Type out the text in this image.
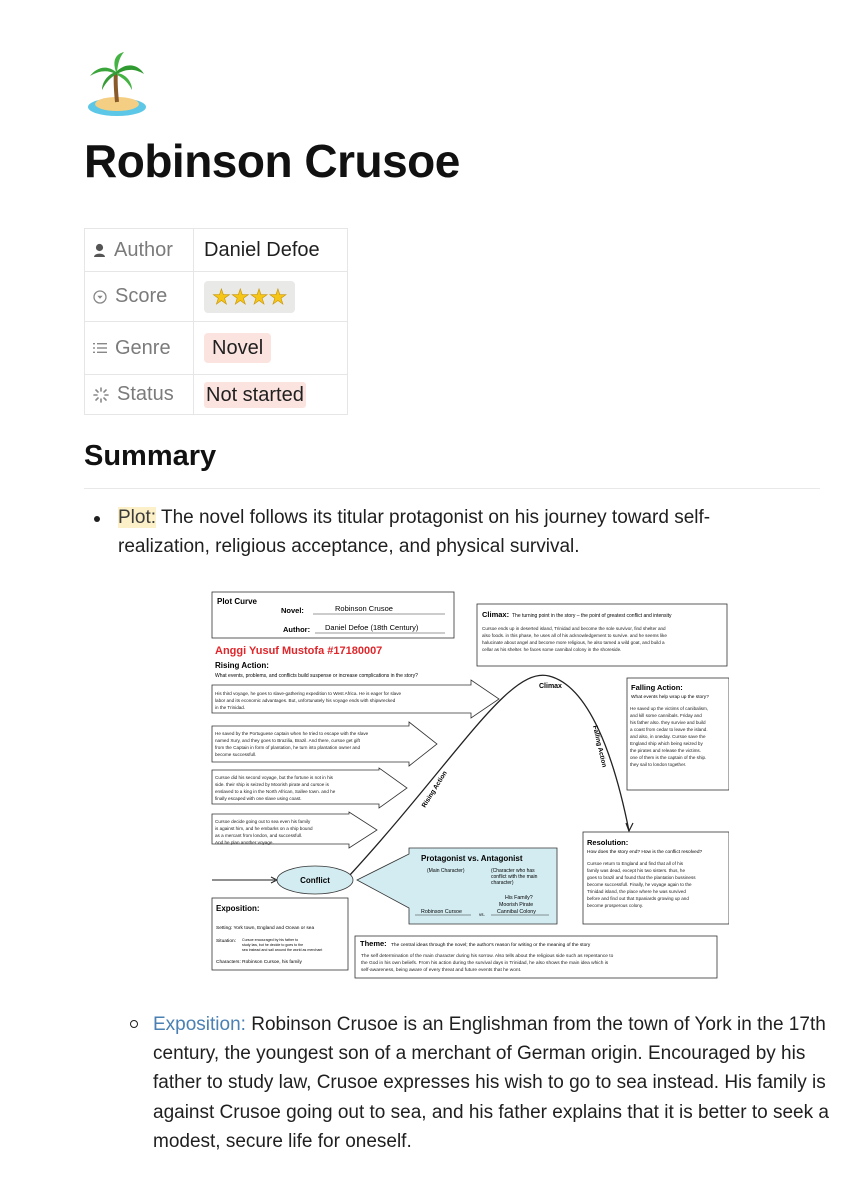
Robinson Crusoe
Author	Daniel Defoe

Score	★★★★

Genre	Novel

Status	Not started
Summary
Plot: The novel follows its titular protagonist on his journey toward self-realization, religious acceptance, and physical survival.
Plot Curve
Novel:	Robinson Crusoe
Author: Daniel Defoe (18th Century)
Anggi Yusuf Mustofa #17180007
Rising Action:
What events, problems, and conflicts build suspense or increase complications in the story?
His third voyage, he goes to slave-gathering expedition to West Africa. He is eager for slave
labor and its economic advantages. But, unfortunately his voyage ends with shipwrecked
in the Trinidad.
He saved by the Portuguese captain when he tried to escape with the slave
named Xury, and they goes to Brazilia, Brazil. And there, cursoe get gift
from the Captain in form of plantation, he turn into plantation owner and
become successfull.
Cursoe did his second voyage, but the fortune is not in his
side. their ship is seized by Moorish pirate and cursoe is
enslaved to a king in the North African, Sallee town. and he
finally escaped with one slave using coast.
Cursoe decide going out to sea even his family
is against him, and he embarks on a ship bound
as a mercant from london, and successfull.
And he plan another voyage.
Climax: The turning point in the story – the point of greatest conflict and intensity
Cursoe ends up in deserted island, Trinidad and become the sole survivor, find shelter and
also foods. in this phase, he uses all of his acknowledgement to survive. and he seems like
halucinate about angel and become more religious, he also tamed a wild goat, and build a
cellar as his shelter. he faces some cannibal colony in the shoreside.
Climax
Rising Action
Falling Action
Falling Action:
What events help wrap up the story?
He saved up the victims of canibalism,
and kill some cannibals. Friday and
his father also. they survive and build
a coast from cedar to leave the island.
and also, in oneday. Cursoe save the
England ship which being seized by
the pirates and release the victims.
one of them is the captain of the ship.
they sail to london together.
Resolution:
How does the story end? How is the conflict resolved?
Cursoe return to England and find that all of his
family was dead, except his two sisters. thus, he
goes to brazil and found that the plantation bussiness
become successfull. Finally, he voyage again to the
Trinidad island, the place where he was survived
before and find out that Spaniards growing up and
become prosperous colony.
Conflict
Protagonist vs. Antagonist
(Main Character)	(Character who has
conflict with the main
character)
His Family?
Moorish Pirate
Cannibal Colony
Robinson Cursoe	vs.
Exposition:
Setting: York town, England and Ocean or sea
Situation: Cursoe encouraged by his father to
study law, but he decide to goes to the
sea instead and sail around the world as merchant
Characters: Robinson Cursoe, his family
Theme: The central ideas through the novel; the author's reason for writing or the meaning of the story
The self determination of the main character during his sorrow. Also tells about the religious side such as repentance to
the God in his own beliefs. From his action during the survival days in Trinidad, he also shows the main idea which is
self-awareness, being aware of every threat and future events that he wont.
Exposition: Robinson Crusoe is an Englishman from the town of York in the 17th century, the youngest son of a merchant of German origin. Encouraged by his father to study law, Crusoe expresses his wish to go to sea instead. His family is against Crusoe going out to sea, and his father explains that it is better to seek a modest, secure life for oneself.
